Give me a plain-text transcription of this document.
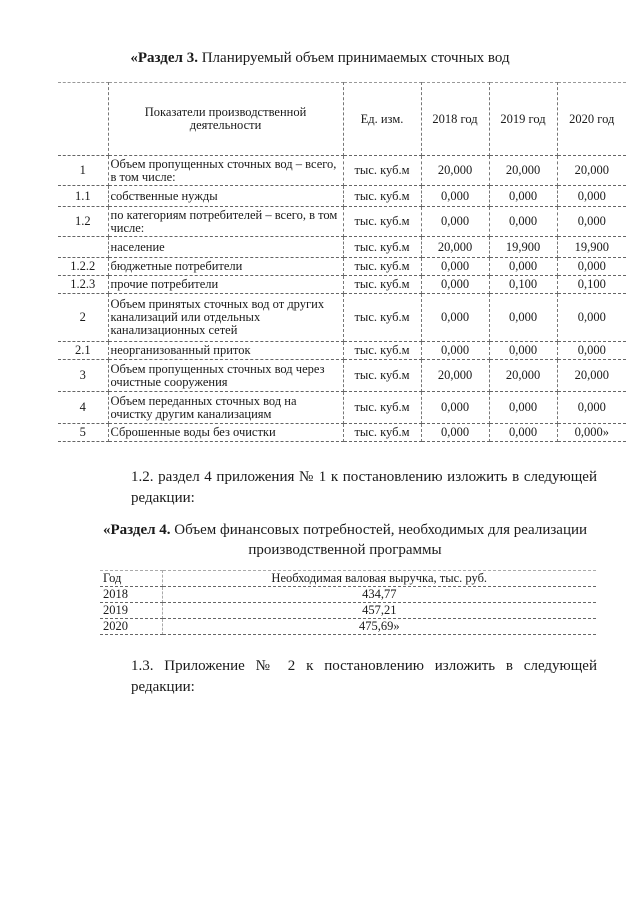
«Раздел 3. Планируемый объем принимаемых сточных вод
	Показатели производственной деятельности	Ед. изм.	2018 год	2019 год	2020 год
1	Объем пропущенных сточных вод – всего, в том числе:	тыс. куб.м	20,000	20,000	20,000
1.1	собственные нужды	тыс. куб.м	0,000	0,000	0,000
1.2	по категориям потребителей – всего, в том числе:	тыс. куб.м	0,000	0,000	0,000
	население	тыс. куб.м	20,000	19,900	19,900
1.2.2	бюджетные потребители	тыс. куб.м	0,000	0,000	0,000
1.2.3	прочие потребители	тыс. куб.м	0,000	0,100	0,100
2	Объем принятых сточных вод от других канализаций или отдельных канализационных сетей	тыс. куб.м	0,000	0,000	0,000
2.1	неорганизованный приток	тыс. куб.м	0,000	0,000	0,000
3	Объем пропущенных сточных вод через очистные сооружения	тыс. куб.м	20,000	20,000	20,000
4	Объем переданных сточных вод на очистку другим канализациям	тыс. куб.м	0,000	0,000	0,000
5	Сброшенные воды без очистки	тыс. куб.м	0,000	0,000	0,000»
1.2. раздел 4 приложения № 1 к постановлению изложить в следующей редакции:
«Раздел 4. Объем финансовых потребностей, необходимых для реализации производственной программы
Год	Необходимая валовая выручка, тыс. руб.
2018	434,77
2019	457,21
2020	475,69»
1.3. Приложение № 2 к постановлению изложить в следующей редакции:
